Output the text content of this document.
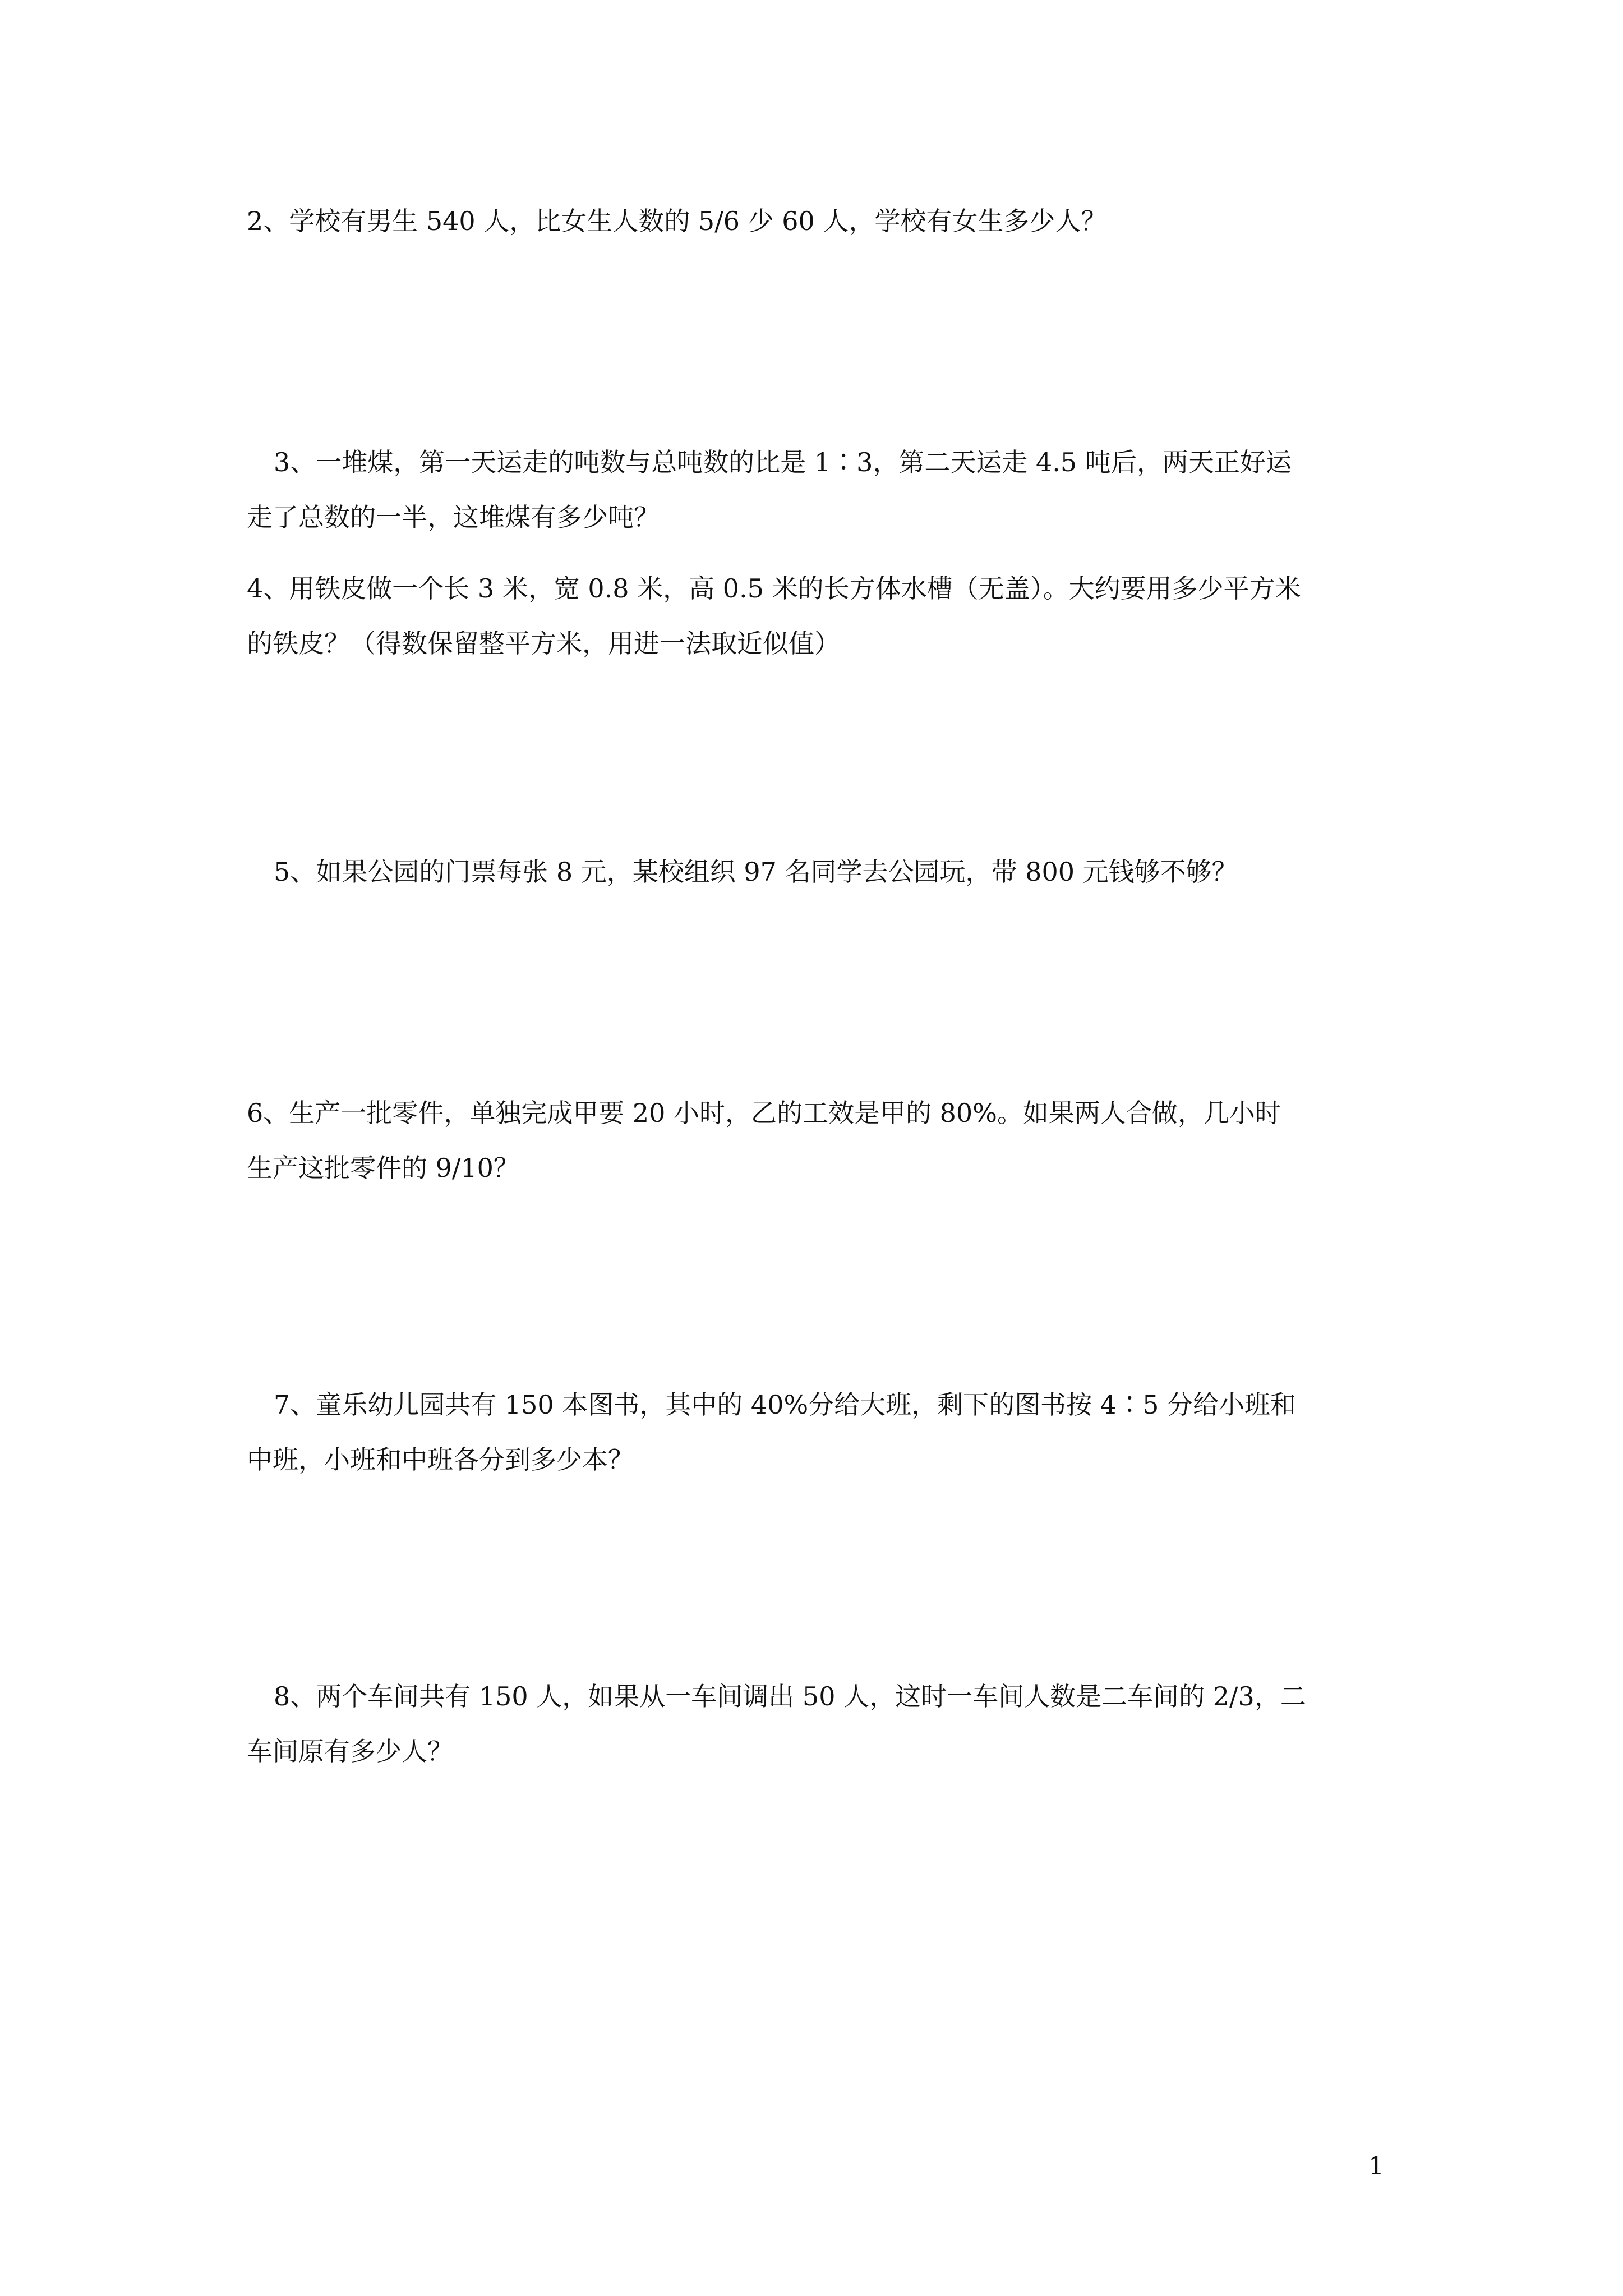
2、学校有男生 540 人，比女生人数的 5/6 少 60 人，学校有女生多少人？

3、一堆煤，第一天运走的吨数与总吨数的比是 1∶3，第二天运走 4.5 吨后，两天正好运
走了总数的一半，这堆煤有多少吨？

4、用铁皮做一个长 3 米，宽 0.8 米，高 0.5 米的长方体水槽（无盖）。大约要用多少平方米
的铁皮？（得数保留整平方米，用进一法取近似值）

5、如果公园的门票每张 8 元，某校组织 97 名同学去公园玩，带 800 元钱够不够？

6、生产一批零件，单独完成甲要 20 小时，乙的工效是甲的 80%。如果两人合做，几小时
生产这批零件的 9/10？

7、童乐幼儿园共有 150 本图书，其中的 40%分给大班，剩下的图书按 4∶5 分给小班和
中班，小班和中班各分到多少本？

8、两个车间共有 150 人，如果从一车间调出 50 人，这时一车间人数是二车间的 2/3，二
车间原有多少人？

1
